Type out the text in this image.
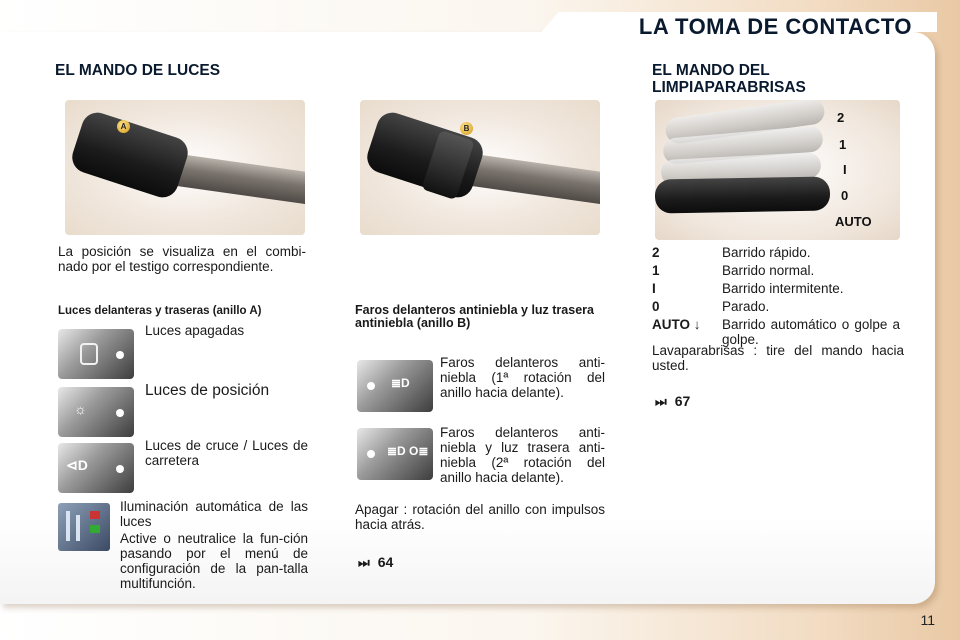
LA TOMA DE CONTACTO
EL MANDO DE LUCES
A	B
La posición se visualiza en el combi-nado por el testigo correspondiente.
Luces delanteras y traseras (anillo A)
Luces apagadas
☼
Luces de posición
⊲D
Luces de cruce / Luces de carretera
Iluminación automática de las luces
Active o neutralice la fun-ción pasando por el menú de configuración de la pan-talla multifunción.
Faros delanteros antiniebla y luz trasera antiniebla (anillo B)
≣D
Faros delanteros anti-niebla (1ª rotación del anillo hacia delante).
≣D O≣
Faros delanteros anti-niebla y luz trasera anti-niebla (2ª rotación del anillo hacia delante).
Apagar : rotación del anillo con impulsos hacia atrás.
⏭ 64
EL MANDO DEL LIMPIAPARABRISAS
2
1
I
0
AUTO
2	Barrido rápido.
1	Barrido normal.
I	Barrido intermitente.
0	Parado.
AUTO ↓	Barrido automático o golpe a golpe.
Lavaparabrisas : tire del mando hacia usted.
⏭ 67
11
